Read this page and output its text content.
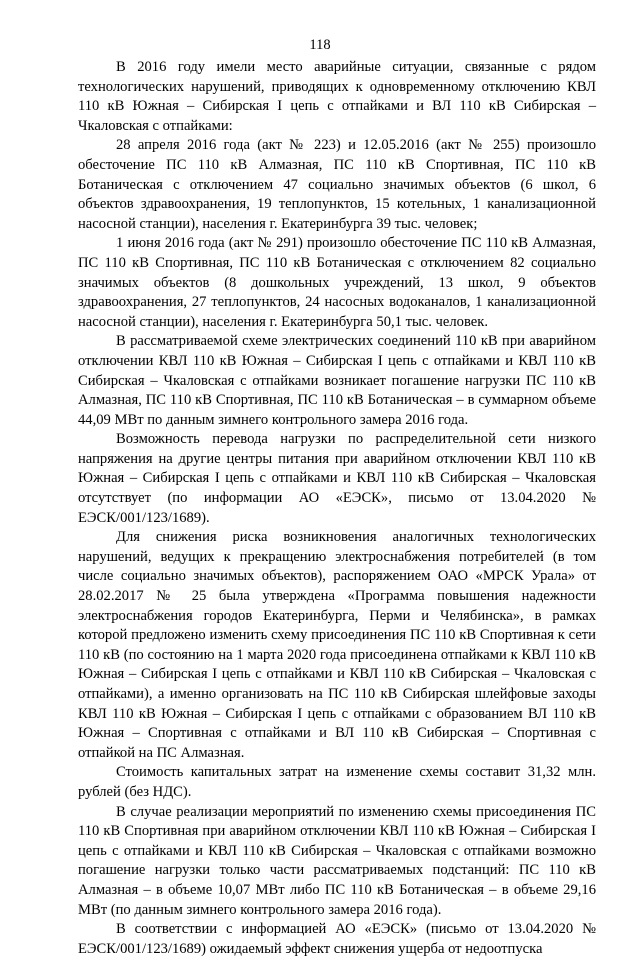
118

В 2016 году имели место аварийные ситуации, связанные с рядом технологических нарушений, приводящих к одновременному отключению КВЛ 110 кВ Южная – Сибирская I цепь с отпайками и ВЛ 110 кВ Сибирская – Чкаловская с отпайками:

28 апреля 2016 года (акт № 223) и 12.05.2016 (акт № 255) произошло обесточение ПС 110 кВ Алмазная, ПС 110 кВ Спортивная, ПС 110 кВ Ботаническая с отключением 47 социально значимых объектов (6 школ, 6 объектов здравоохранения, 19 теплопунктов, 15 котельных, 1 канализационной насосной станции), населения г. Екатеринбурга 39 тыс. человек;

1 июня 2016 года (акт № 291) произошло обесточение ПС 110 кВ Алмазная, ПС 110 кВ Спортивная, ПС 110 кВ Ботаническая с отключением 82 социально значимых объектов (8 дошкольных учреждений, 13 школ, 9 объектов здравоохранения, 27 теплопунктов, 24 насосных водоканалов, 1 канализационной насосной станции), населения г. Екатеринбурга 50,1 тыс. человек.

В рассматриваемой схеме электрических соединений 110 кВ при аварийном отключении КВЛ 110 кВ Южная – Сибирская I цепь с отпайками и КВЛ 110 кВ Сибирская – Чкаловская с отпайками возникает погашение нагрузки ПС 110 кВ Алмазная, ПС 110 кВ Спортивная, ПС 110 кВ Ботаническая – в суммарном объеме 44,09 МВт по данным зимнего контрольного замера 2016 года.

Возможность перевода нагрузки по распределительной сети низкого напряжения на другие центры питания при аварийном отключении КВЛ 110 кВ Южная – Сибирская I цепь с отпайками и КВЛ 110 кВ Сибирская – Чкаловская отсутствует (по информации АО «ЕЭСК», письмо от 13.04.2020 № ЕЭСК/001/123/1689).

Для снижения риска возникновения аналогичных технологических нарушений, ведущих к прекращению электроснабжения потребителей (в том числе социально значимых объектов), распоряжением ОАО «МРСК Урала» от 28.02.2017 № 25 была утверждена «Программа повышения надежности электроснабжения городов Екатеринбурга, Перми и Челябинска», в рамках которой предложено изменить схему присоединения ПС 110 кВ Спортивная к сети 110 кВ (по состоянию на 1 марта 2020 года присоединена отпайками к КВЛ 110 кВ Южная – Сибирская I цепь с отпайками и КВЛ 110 кВ Сибирская – Чкаловская с отпайками), а именно организовать на ПС 110 кВ Сибирская шлейфовые заходы КВЛ 110 кВ Южная – Сибирская I цепь с отпайками с образованием ВЛ 110 кВ Южная – Спортивная с отпайками и ВЛ 110 кВ Сибирская – Спортивная с отпайкой на ПС Алмазная.

Стоимость капитальных затрат на изменение схемы составит 31,32 млн. рублей (без НДС).

В случае реализации мероприятий по изменению схемы присоединения ПС 110 кВ Спортивная при аварийном отключении КВЛ 110 кВ Южная – Сибирская I цепь с отпайками и КВЛ 110 кВ Сибирская – Чкаловская с отпайками возможно погашение нагрузки только части рассматриваемых подстанций: ПС 110 кВ Алмазная – в объеме 10,07 МВт либо ПС 110 кВ Ботаническая – в объеме 29,16 МВт (по данным зимнего контрольного замера 2016 года).

В соответствии с информацией АО «ЕЭСК» (письмо от 13.04.2020 № ЕЭСК/001/123/1689) ожидаемый эффект снижения ущерба от недоотпуска
